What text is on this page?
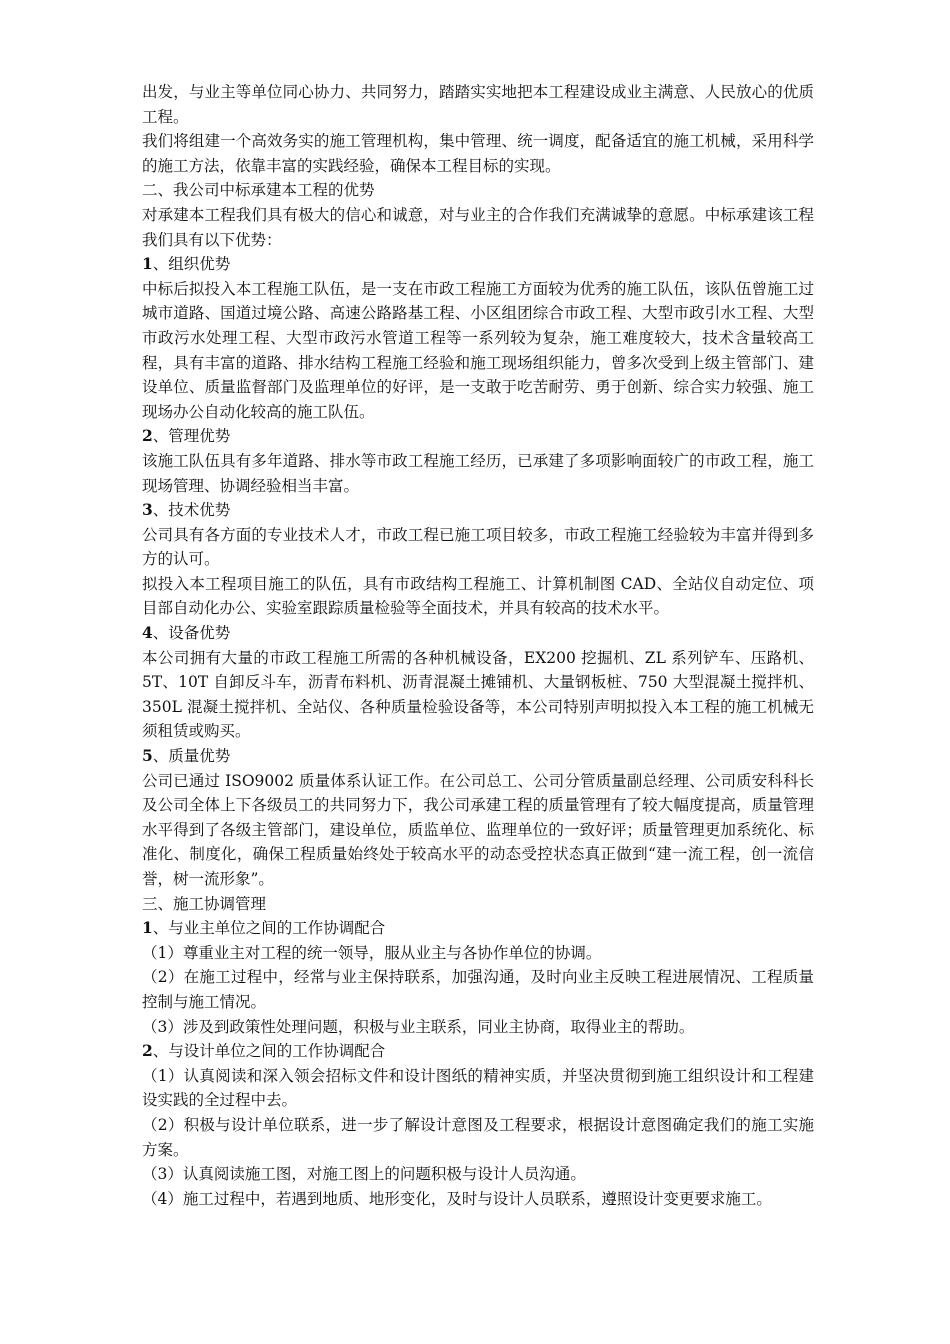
出发，与业主等单位同心协力、共同努力，踏踏实实地把本工程建设成业主满意、人民放心的优质工程。

我们将组建一个高效务实的施工管理机构，集中管理、统一调度，配备适宜的施工机械，采用科学的施工方法，依靠丰富的实践经验，确保本工程目标的实现。

二、我公司中标承建本工程的优势

对承建本工程我们具有极大的信心和诚意，对与业主的合作我们充满诚挚的意愿。中标承建该工程我们具有以下优势：

1、组织优势

中标后拟投入本工程施工队伍，是一支在市政工程施工方面较为优秀的施工队伍，该队伍曾施工过城市道路、国道过境公路、高速公路路基工程、小区组团综合市政工程、大型市政引水工程、大型市政污水处理工程、大型市政污水管道工程等一系列较为复杂，施工难度较大，技术含量较高工程，具有丰富的道路、排水结构工程施工经验和施工现场组织能力，曾多次受到上级主管部门、建设单位、质量监督部门及监理单位的好评，是一支敢于吃苦耐劳、勇于创新、综合实力较强、施工现场办公自动化较高的施工队伍。

2、管理优势

该施工队伍具有多年道路、排水等市政工程施工经历，已承建了多项影响面较广的市政工程，施工现场管理、协调经验相当丰富。

3、技术优势

公司具有各方面的专业技术人才，市政工程已施工项目较多，市政工程施工经验较为丰富并得到多方的认可。

拟投入本工程项目施工的队伍，具有市政结构工程施工、计算机制图 CAD、全站仪自动定位、项目部自动化办公、实验室跟踪质量检验等全面技术，并具有较高的技术水平。

4、设备优势

本公司拥有大量的市政工程施工所需的各种机械设备，EX200 挖掘机、ZL 系列铲车、压路机、5T、10T 自卸反斗车，沥青布料机、沥青混凝土摊铺机、大量钢板桩、750 大型混凝土搅拌机、350L 混凝土搅拌机、全站仪、各种质量检验设备等，本公司特别声明拟投入本工程的施工机械无须租赁或购买。

5、质量优势

公司已通过 ISO9002 质量体系认证工作。在公司总工、公司分管质量副总经理、公司质安科科长及公司全体上下各级员工的共同努力下，我公司承建工程的质量管理有了较大幅度提高，质量管理水平得到了各级主管部门，建设单位，质监单位、监理单位的一致好评；质量管理更加系统化、标准化、制度化，确保工程质量始终处于较高水平的动态受控状态真正做到“建一流工程，创一流信誉，树一流形象”。

三、施工协调管理

1、与业主单位之间的工作协调配合

（1）尊重业主对工程的统一领导，服从业主与各协作单位的协调。

（2）在施工过程中，经常与业主保持联系，加强沟通，及时向业主反映工程进展情况、工程质量控制与施工情况。

（3）涉及到政策性处理问题，积极与业主联系，同业主协商，取得业主的帮助。

2、与设计单位之间的工作协调配合

（1）认真阅读和深入领会招标文件和设计图纸的精神实质，并坚决贯彻到施工组织设计和工程建设实践的全过程中去。

（2）积极与设计单位联系，进一步了解设计意图及工程要求，根据设计意图确定我们的施工实施方案。

（3）认真阅读施工图，对施工图上的问题积极与设计人员沟通。

（4）施工过程中，若遇到地质、地形变化，及时与设计人员联系，遵照设计变更要求施工。
